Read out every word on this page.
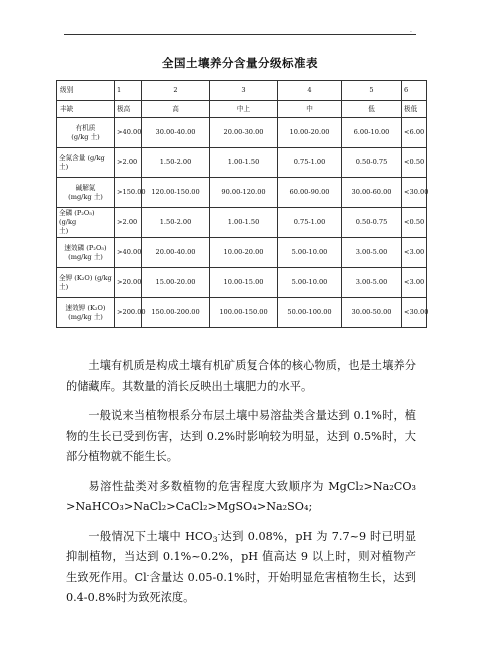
.
全国土壤养分含量分级标准表
级别	1	2	3	4	5	6
丰缺	极高	高	中上	中	低	极低
有机质
(g/kg 土)	>40.00	30.00-40.00	20.00-30.00	10.00-20.00	6.00-10.00	<6.00
全氮含量 (g/kg
土)	>2.00	1.50-2.00	1.00-1.50	0.75-1.00	0.50-0.75	<0.50
碱解氮
(mg/kg 土)	>150.00	120.00-150.00	90.00-120.00	60.00-90.00	30.00-60.00	<30.00
全磷 (P₂O₅) (g/kg
土)	>2.00	1.50-2.00	1.00-1.50	0.75-1.00	0.50-0.75	<0.50
速效磷 (P₂O₅)
(mg/kg 土)	>40.00	20.00-40.00	10.00-20.00	5.00-10.00	3.00-5.00	<3.00
全钾 (K₂O) (g/kg
土)	>20.00	15.00-20.00	10.00-15.00	5.00-10.00	3.00-5.00	<3.00
速效钾 (K₂O)
(mg/kg 土)	>200.00	150.00-200.00	100.00-150.00	50.00-100.00	30.00-50.00	<30.00

土壤有机质是构成土壤有机矿质复合体的核心物质，也是土壤养分的储藏库。其数量的消长反映出土壤肥力的水平。

一般说来当植物根系分布层土壤中易溶盐类含量达到 0.1%时，植物的生长已受到伤害，达到 0.2%时影响较为明显，达到 0.5%时，大部分植物就不能生长。

易溶性盐类对多数植物的危害程度大致顺序为 MgCl₂>Na₂CO₃ >NaHCO₃>NaCl₂>CaCl₂>MgSO₄>Na₂SO₄;

一般情况下土壤中 $HCO_3^-$达到 0.08%，pH 为 7.7~9 时已明显抑制植物，当达到 0.1%~0.2%，pH 值高达 9 以上时，则对植物产生致死作用。Cl-含量达 0.05-0.1%时，开始明显危害植物生长，达到 0.4-0.8%时为致死浓度。
